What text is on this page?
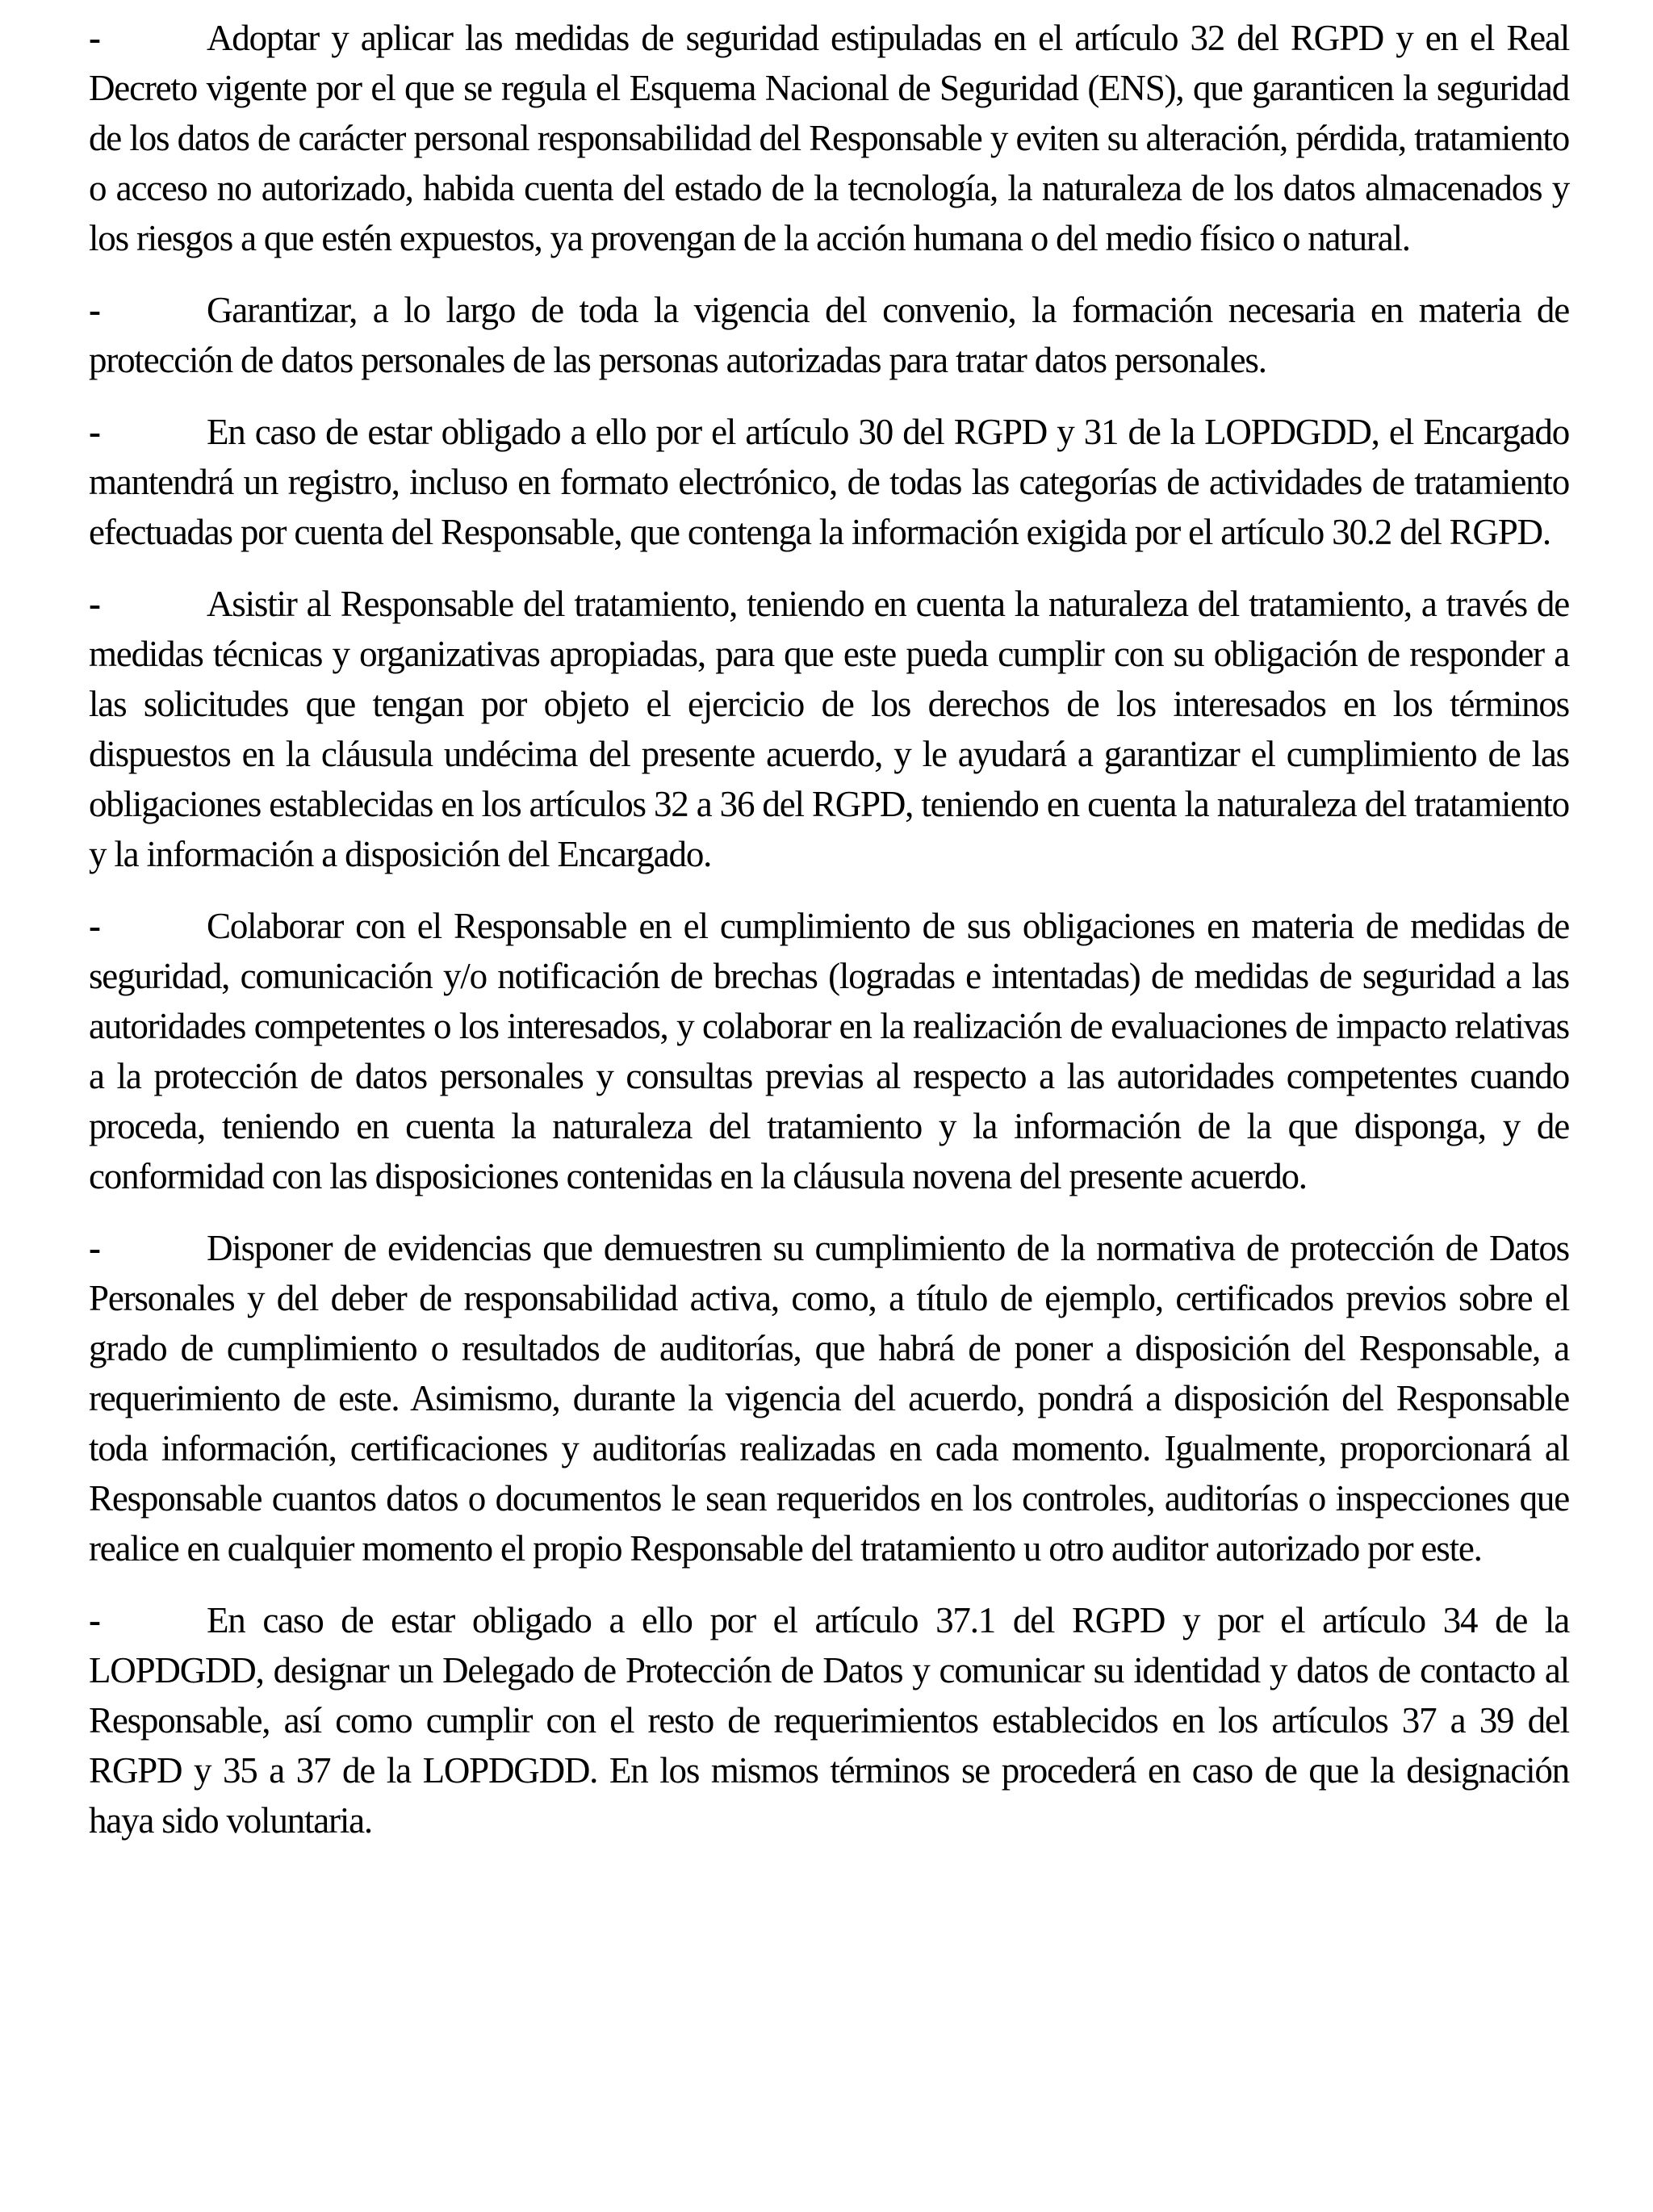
-	Adoptar y aplicar las medidas de seguridad estipuladas en el artículo 32 del RGPD y en el Real Decreto vigente por el que se regula el Esquema Nacional de Seguridad (ENS), que garanticen la seguridad de los datos de carácter personal responsabilidad del Responsable y eviten su alteración, pérdida, tratamiento o acceso no autorizado, habida cuenta del estado de la tecnología, la naturaleza de los datos almacenados y los riesgos a que estén expuestos, ya provengan de la acción humana o del medio físico o natural.

-	Garantizar, a lo largo de toda la vigencia del convenio, la formación necesaria en materia de protección de datos personales de las personas autorizadas para tratar datos personales.

-	En caso de estar obligado a ello por el artículo 30 del RGPD y 31 de la LOPDGDD, el Encargado mantendrá un registro, incluso en formato electrónico, de todas las categorías de actividades de tratamiento efectuadas por cuenta del Responsable, que contenga la información exigida por el artículo 30.2 del RGPD.

-	Asistir al Responsable del tratamiento, teniendo en cuenta la naturaleza del tratamiento, a través de medidas técnicas y organizativas apropiadas, para que este pueda cumplir con su obligación de responder a las solicitudes que tengan por objeto el ejercicio de los derechos de los interesados en los términos dispuestos en la cláusula undécima del presente acuerdo, y le ayudará a garantizar el cumplimiento de las obligaciones establecidas en los artículos 32 a 36 del RGPD, teniendo en cuenta la naturaleza del tratamiento y la información a disposición del Encargado.

-	Colaborar con el Responsable en el cumplimiento de sus obligaciones en materia de medidas de seguridad, comunicación y/o notificación de brechas (logradas e intentadas) de medidas de seguridad a las autoridades competentes o los interesados, y colaborar en la realización de evaluaciones de impacto relativas a la protección de datos personales y consultas previas al respecto a las autoridades competentes cuando proceda, teniendo en cuenta la naturaleza del tratamiento y la información de la que disponga, y de conformidad con las disposiciones contenidas en la cláusula novena del presente acuerdo.

-	Disponer de evidencias que demuestren su cumplimiento de la normativa de protección de Datos Personales y del deber de responsabilidad activa, como, a título de ejemplo, certificados previos sobre el grado de cumplimiento o resultados de auditorías, que habrá de poner a disposición del Responsable, a requerimiento de este. Asimismo, durante la vigencia del acuerdo, pondrá a disposición del Responsable toda información, certificaciones y auditorías realizadas en cada momento. Igualmente, proporcionará al Responsable cuantos datos o documentos le sean requeridos en los controles, auditorías o inspecciones que realice en cualquier momento el propio Responsable del tratamiento u otro auditor autorizado por este.

-	En caso de estar obligado a ello por el artículo 37.1 del RGPD y por el artículo 34 de la LOPDGDD, designar un Delegado de Protección de Datos y comunicar su identidad y datos de contacto al Responsable, así como cumplir con el resto de requerimientos establecidos en los artículos 37 a 39 del RGPD y 35 a 37 de la LOPDGDD. En los mismos términos se procederá en caso de que la designación haya sido voluntaria.
